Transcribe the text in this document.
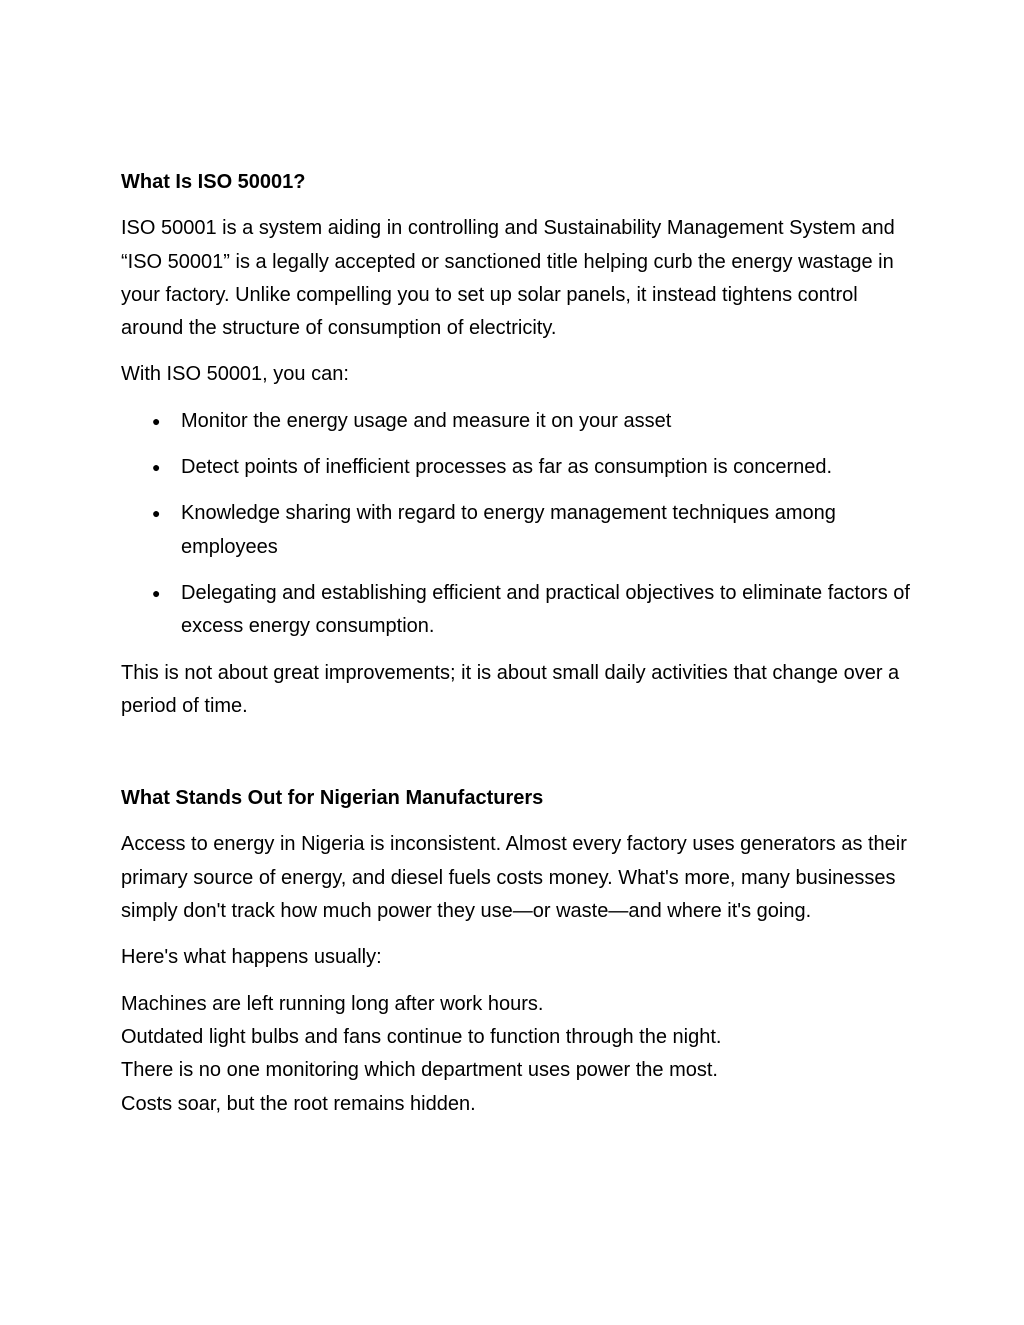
What Is ISO 50001?
ISO 50001 is a system aiding in controlling and Sustainability Management System and “ISO 50001” is a legally accepted or sanctioned title helping curb the energy wastage in your factory. Unlike compelling you to set up solar panels, it instead tightens control around the structure of consumption of electricity.
With ISO 50001, you can:
● Monitor the energy usage and measure it on your asset
● Detect points of inefficient processes as far as consumption is concerned.
● Knowledge sharing with regard to energy management techniques among employees
● Delegating and establishing efficient and practical objectives to eliminate factors of excess energy consumption.
This is not about great improvements; it is about small daily activities that change over a period of time.
What Stands Out for Nigerian Manufacturers
Access to energy in Nigeria is inconsistent. Almost every factory uses generators as their primary source of energy, and diesel fuels costs money. What's more, many businesses simply don't track how much power they use—or waste—and where it's going.
Here's what happens usually:
Machines are left running long after work hours.
Outdated light bulbs and fans continue to function through the night.
There is no one monitoring which department uses power the most.
Costs soar, but the root remains hidden.
